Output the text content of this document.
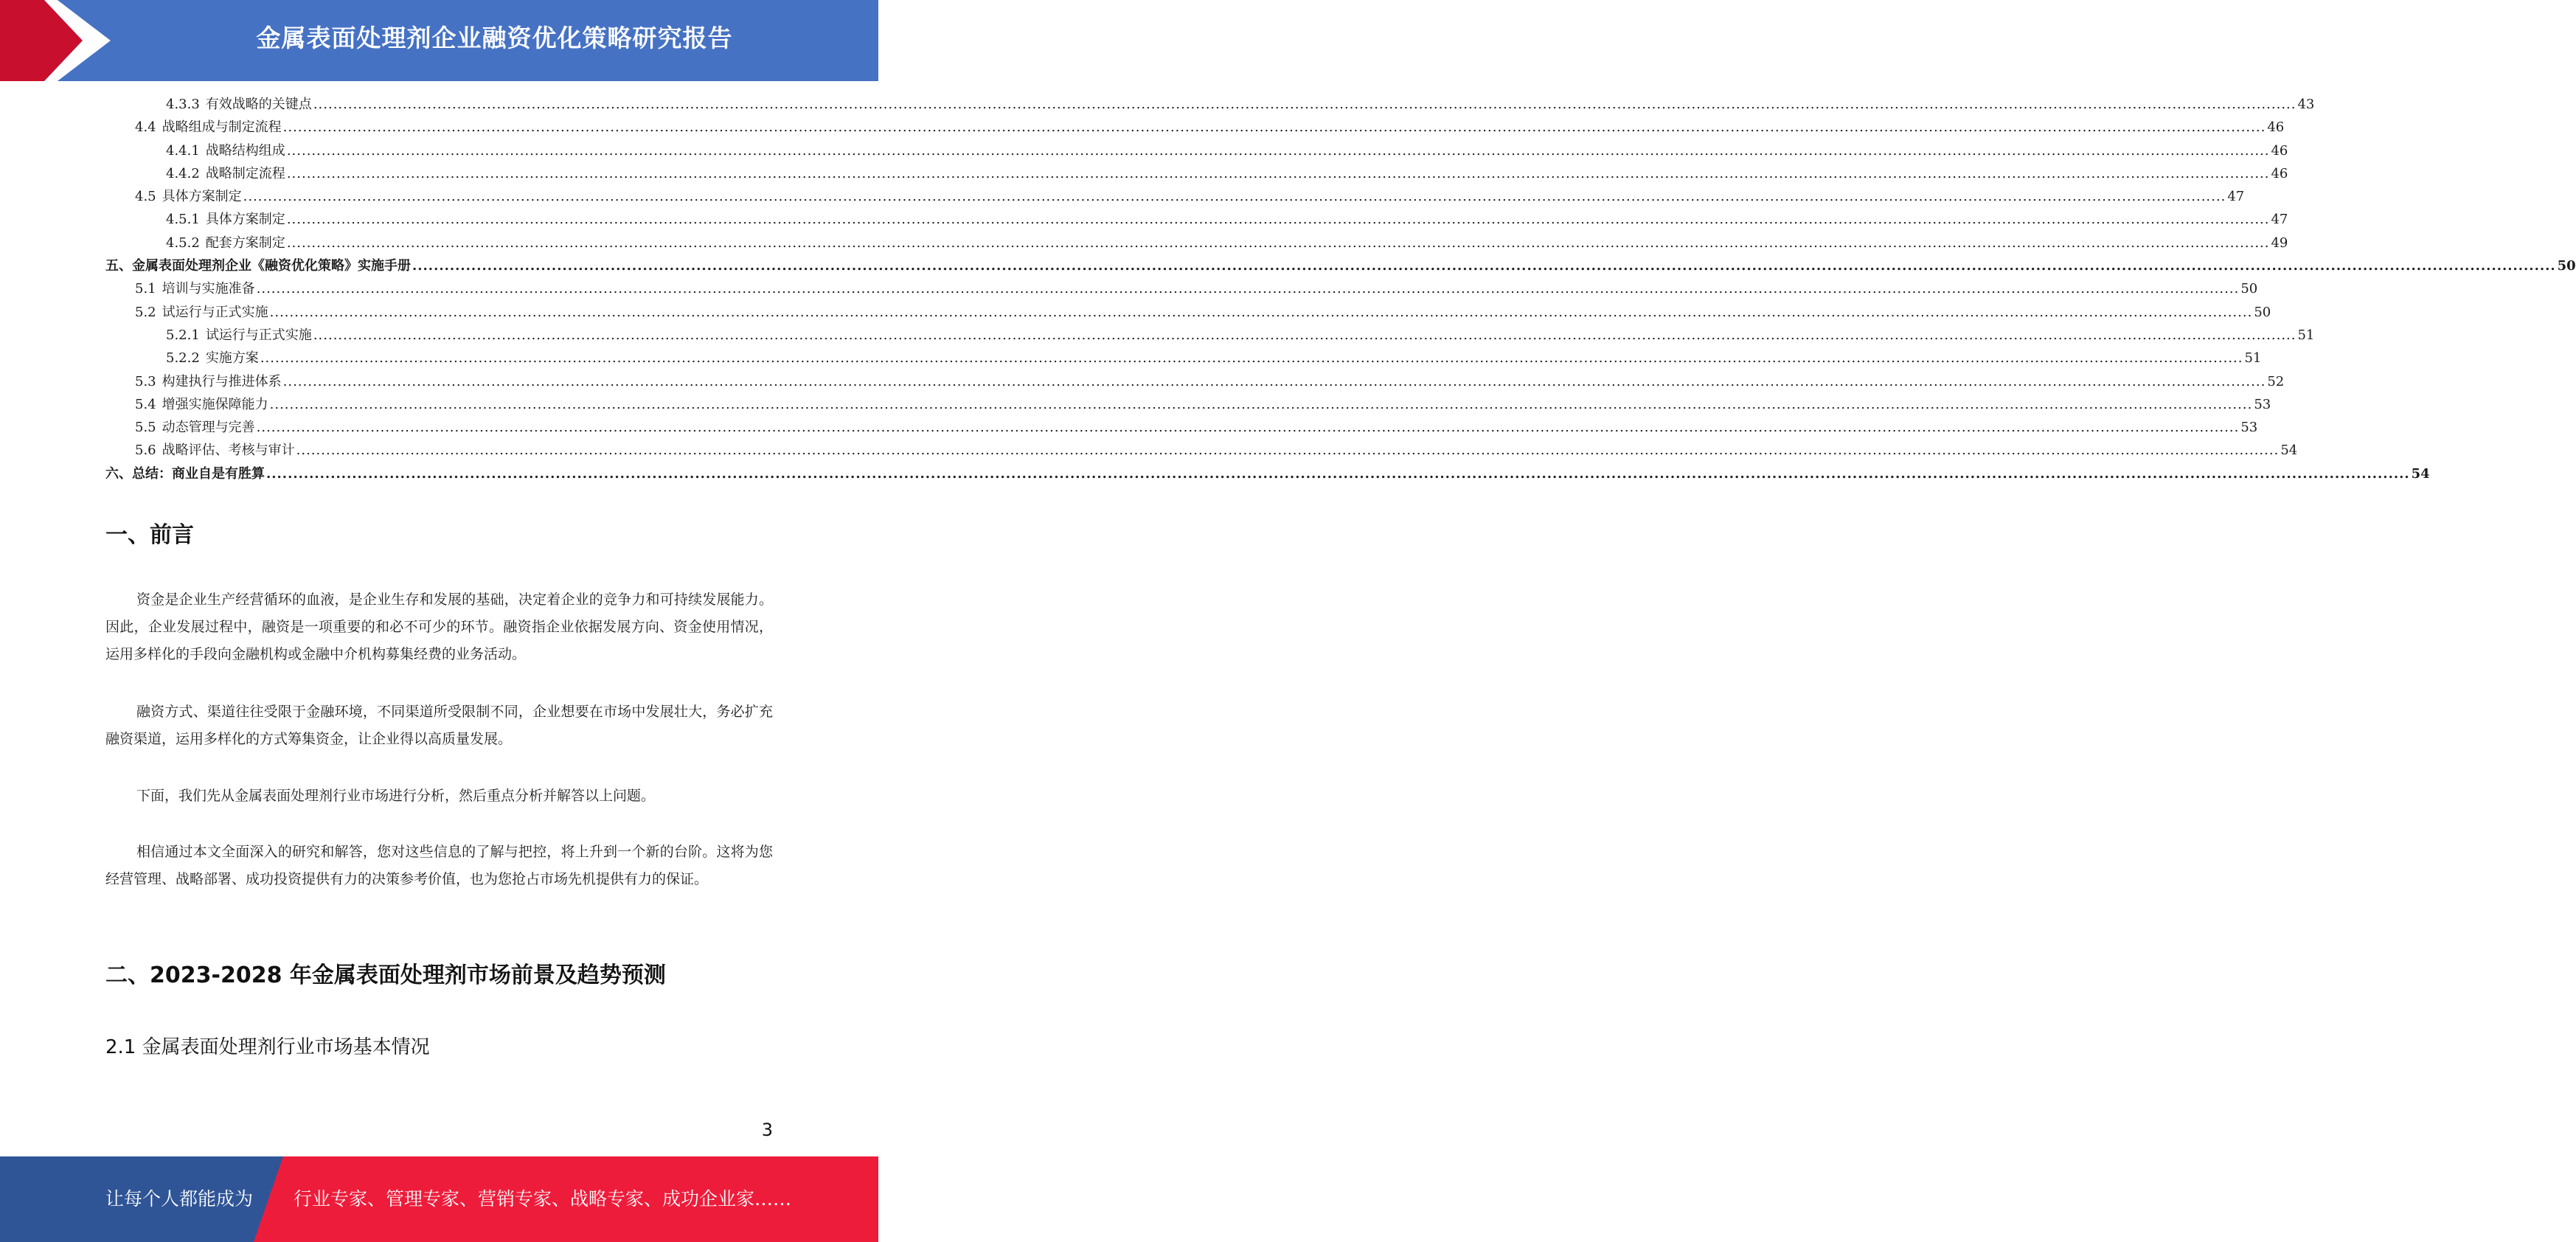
金属表面处理剂企业融资优化策略研究报告
4.3.3 有效战略的关键点 ................................................................................................................................................................................................................................................................................................................................................................................................................ 43
4.4 战略组成与制定流程 ................................................................................................................................................................................................................................................................................................................................................................................................................ 46
4.4.1 战略结构组成 ................................................................................................................................................................................................................................................................................................................................................................................................................ 46
4.4.2 战略制定流程 ................................................................................................................................................................................................................................................................................................................................................................................................................ 46
4.5 具体方案制定 ................................................................................................................................................................................................................................................................................................................................................................................................................ 47
4.5.1 具体方案制定 ................................................................................................................................................................................................................................................................................................................................................................................................................ 47
4.5.2 配套方案制定 ................................................................................................................................................................................................................................................................................................................................................................................................................ 49
五、金属表面处理剂企业《融资优化策略》实施手册 ................................................................................................................................................................................................................................................................................................................................................................................................................ 50
5.1 培训与实施准备 ................................................................................................................................................................................................................................................................................................................................................................................................................ 50
5.2 试运行与正式实施 ................................................................................................................................................................................................................................................................................................................................................................................................................ 50
5.2.1 试运行与正式实施 ................................................................................................................................................................................................................................................................................................................................................................................................................ 51
5.2.2 实施方案 ................................................................................................................................................................................................................................................................................................................................................................................................................ 51
5.3 构建执行与推进体系 ................................................................................................................................................................................................................................................................................................................................................................................................................ 52
5.4 增强实施保障能力 ................................................................................................................................................................................................................................................................................................................................................................................................................ 53
5.5 动态管理与完善 ................................................................................................................................................................................................................................................................................................................................................................................................................ 53
5.6 战略评估、考核与审计 ................................................................................................................................................................................................................................................................................................................................................................................................................ 54
六、总结：商业自是有胜算 ................................................................................................................................................................................................................................................................................................................................................................................................................ 54
一、前言
资金是企业生产经营循环的血液，是企业生存和发展的基础，决定着企业的竞争力和可持续发展能力。因此，企业发展过程中，融资是一项重要的和必不可少的环节。融资指企业依据发展方向、资金使用情况，运用多样化的手段向金融机构或金融中介机构募集经费的业务活动。
融资方式、渠道往往受限于金融环境，不同渠道所受限制不同，企业想要在市场中发展壮大，务必扩充融资渠道，运用多样化的方式筹集资金，让企业得以高质量发展。
下面，我们先从金属表面处理剂行业市场进行分析，然后重点分析并解答以上问题。
相信通过本文全面深入的研究和解答，您对这些信息的了解与把控，将上升到一个新的台阶。这将为您经营管理、战略部署、成功投资提供有力的决策参考价值，也为您抢占市场先机提供有力的保证。
二、2023-2028 年金属表面处理剂市场前景及趋势预测
2.1 金属表面处理剂行业市场基本情况
3
让每个人都能成为 行业专家、管理专家、营销专家、战略专家、成功企业家……
